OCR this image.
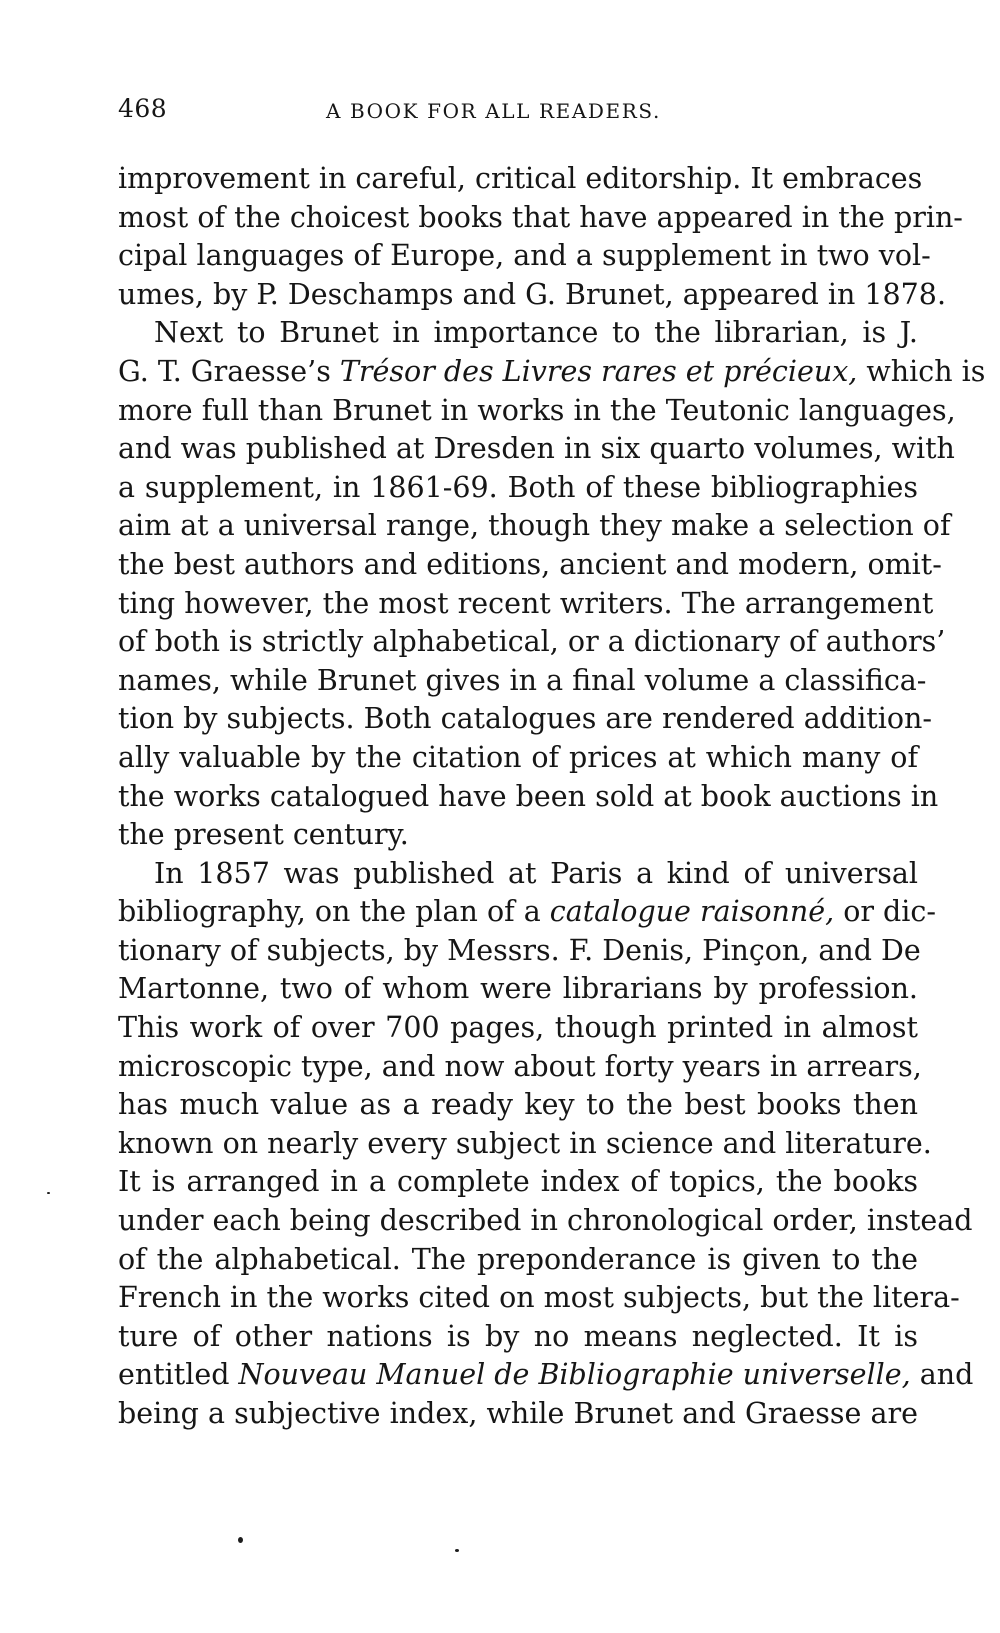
468	A BOOK FOR ALL READERS.
improvement in careful, critical editorship. It embraces
most of the choicest books that have appeared in the prin-
cipal languages of Europe, and a supplement in two vol-
umes, by P. Deschamps and G. Brunet, appeared in 1878.
Next to Brunet in importance to the librarian, is J.
G. T. Graesse’s Trésor des Livres rares et précieux, which is
more full than Brunet in works in the Teutonic languages,
and was published at Dresden in six quarto volumes, with
a supplement, in 1861-69. Both of these bibliographies
aim at a universal range, though they make a selection of
the best authors and editions, ancient and modern, omit-
ting however, the most recent writers. The arrangement
of both is strictly alphabetical, or a dictionary of authors’
names, while Brunet gives in a final volume a classifica-
tion by subjects. Both catalogues are rendered addition-
ally valuable by the citation of prices at which many of
the works catalogued have been sold at book auctions in
the present century.
In 1857 was published at Paris a kind of universal
bibliography, on the plan of a catalogue raisonné, or dic-
tionary of subjects, by Messrs. F. Denis, Pinçon, and De
Martonne, two of whom were librarians by profession.
This work of over 700 pages, though printed in almost
microscopic type, and now about forty years in arrears,
has much value as a ready key to the best books then
known on nearly every subject in science and literature.
It is arranged in a complete index of topics, the books
under each being described in chronological order, instead
of the alphabetical. The preponderance is given to the
French in the works cited on most subjects, but the litera-
ture of other nations is by no means neglected. It is
entitled Nouveau Manuel de Bibliographie universelle, and
being a subjective index, while Brunet and Graesse are
